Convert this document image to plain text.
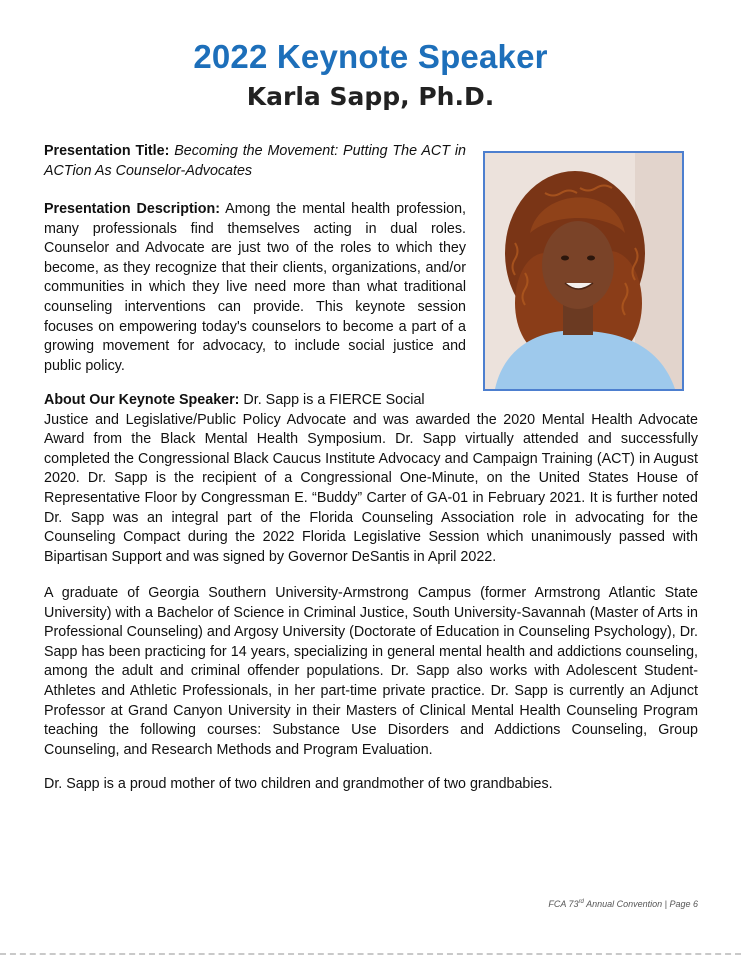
2022 Keynote Speaker
Karla Sapp, Ph.D.

Presentation Title: Becoming the Movement: Putting The ACT in ACTion As Counselor-Advocates

Presentation Description: Among the mental health profession, many professionals find themselves acting in dual roles. Counselor and Advocate are just two of the roles to which they become, as they recognize that their clients, organizations, and/or communities in which they live need more than what traditional counseling interventions can provide. This keynote session focuses on empowering today's counselors to become a part of a growing movement for advocacy, to include social justice and public policy.

About Our Keynote Speaker: Dr. Sapp is a FIERCE Social
Justice and Legislative/Public Policy Advocate and was awarded the 2020 Mental Health Advocate Award from the Black Mental Health Symposium. Dr. Sapp virtually attended and successfully completed the Congressional Black Caucus Institute Advocacy and Campaign Training (ACT) in August 2020. Dr. Sapp is the recipient of a Congressional One-Minute, on the United States House of Representative Floor by Congressman E. “Buddy” Carter of GA-01 in February 2021. It is further noted Dr. Sapp was an integral part of the Florida Counseling Association role in advocating for the Counseling Compact during the 2022 Florida Legislative Session which unanimously passed with Bipartisan Support and was signed by Governor DeSantis in April 2022.

A graduate of Georgia Southern University-Armstrong Campus (former Armstrong Atlantic State University) with a Bachelor of Science in Criminal Justice, South University-Savannah (Master of Arts in Professional Counseling) and Argosy University (Doctorate of Education in Counseling Psychology), Dr. Sapp has been practicing for 14 years, specializing in general mental health and addictions counseling, among the adult and criminal offender populations. Dr. Sapp also works with Adolescent Student-Athletes and Athletic Professionals, in her part-time private practice. Dr. Sapp is currently an Adjunct Professor at Grand Canyon University in their Masters of Clinical Mental Health Counseling Program teaching the following courses: Substance Use Disorders and Addictions Counseling, Group Counseling, and Research Methods and Program Evaluation.

Dr. Sapp is a proud mother of two children and grandmother of two grandbabies.

FCA 73rd Annual Convention | Page 6
